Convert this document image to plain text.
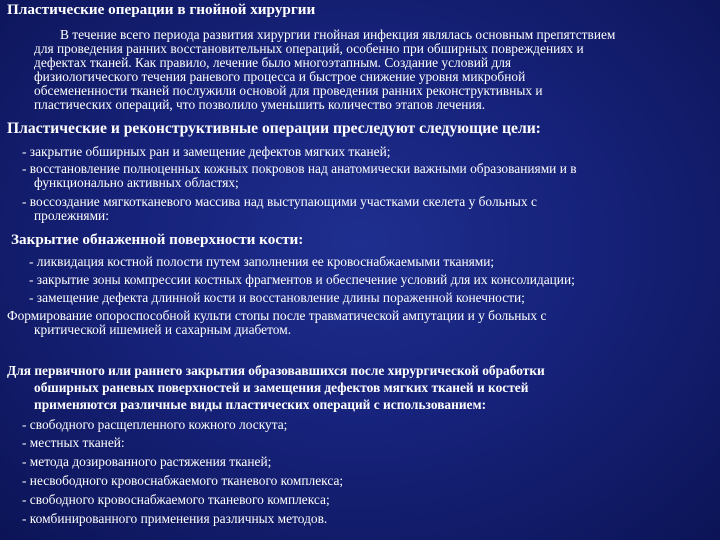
Пластические операции в гнойной хирургии
В течение всего периода развития хирургии гнойная инфекция являлась основным препятствием
для проведения ранних восстановительных операций, особенно при обширных повреждениях и
дефектах тканей. Как правило, лечение было многоэтапным. Создание условий для
физиологического течения раневого процесса и быстрое снижение уровня микробной
обсемененности тканей послужили основой для проведения ранних реконструктивных и
пластических операций, что позволило уменьшить количество этапов лечения.
Пластические и реконструктивные операции преследуют следующие цели:
- закрытие обширных ран и замещение дефектов мягких тканей;
- восстановление полноценных кожных покровов над анатомически важными образованиями и в
функционально активных областях;
- воссоздание мягкотканевого массива над выступающими участками скелета у больных с
пролежнями:
Закрытие обнаженной поверхности кости:
- ликвидация костной полости путем заполнения ее кровоснабжаемыми тканями;
- закрытие зоны компрессии костных фрагментов и обеспечение условий для их консолидации;
- замещение дефекта длинной кости и восстановление длины пораженной конечности;
Формирование опороспособной культи стопы после травматической ампутации и у больных с
критической ишемией и сахарным диабетом.
Для первичного или раннего закрытия образовавшихся после хирургической обработки
обширных раневых поверхностей и замещения дефектов мягких тканей и костей
применяются различные виды пластических операций с использованием:
- свободного расщепленного кожного лоскута;
- местных тканей:
- метода дозированного растяжения тканей;
- несвободного кровоснабжаемого тканевого комплекса;
- свободного кровоснабжаемого тканевого комплекса;
- комбинированного применения различных методов.
